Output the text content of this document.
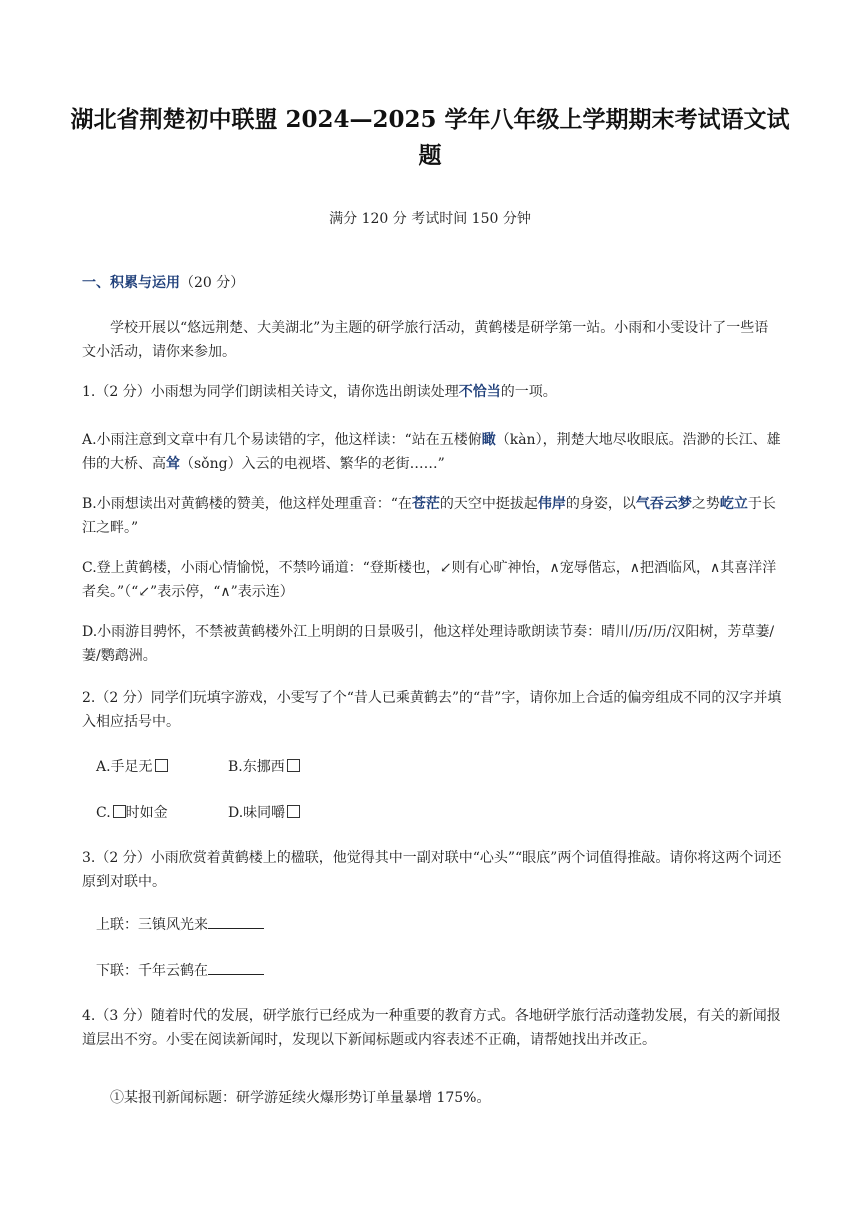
湖北省荆楚初中联盟 2024—2025 学年八年级上学期期末考试语文试题
满分 120 分 考试时间 150 分钟
一、积累与运用（20 分）
学校开展以“悠远荆楚、大美湖北”为主题的研学旅行活动，黄鹤楼是研学第一站。小雨和小雯设计了一些语文小活动，请你来参加。
1.（2 分）小雨想为同学们朗读相关诗文，请你选出朗读处理不恰当的一项。
A.小雨注意到文章中有几个易读错的字，他这样读：“站在五楼俯瞰（kàn），荆楚大地尽收眼底。浩渺的长江、雄伟的大桥、高耸（sǒng）入云的电视塔、繁华的老街……”
B.小雨想读出对黄鹤楼的赞美，他这样处理重音：“在苍茫的天空中挺拔起伟岸的身姿，以气吞云梦之势屹立于长江之畔。”
C.登上黄鹤楼，小雨心情愉悦，不禁吟诵道：“登斯楼也，↙则有心旷神怡，∧宠辱偕忘，∧把酒临风，∧其喜洋洋者矣。”（“↙”表示停，“∧”表示连）
D.小雨游目骋怀，不禁被黄鹤楼外江上明朗的日景吸引，他这样处理诗歌朗读节奏：晴川/历/历/汉阳树，芳草萋/萋/鹦鹉洲。
2.（2 分）同学们玩填字游戏，小雯写了个“昔人已乘黄鹤去”的“昔”字，请你加上合适的偏旁组成不同的汉字并填入相应括号中。
A.手足无	B.东挪西
C. 时如金	D.味同嚼
3.（2 分）小雨欣赏着黄鹤楼上的楹联，他觉得其中一副对联中“心头”“眼底”两个词值得推敲。请你将这两个词还原到对联中。
上联：三镇风光来
下联：千年云鹤在
4.（3 分）随着时代的发展，研学旅行已经成为一种重要的教育方式。各地研学旅行活动蓬勃发展，有关的新闻报道层出不穷。小雯在阅读新闻时，发现以下新闻标题或内容表述不正确，请帮她找出并改正。
①某报刊新闻标题：研学游延续火爆形势订单量暴增 175%。
